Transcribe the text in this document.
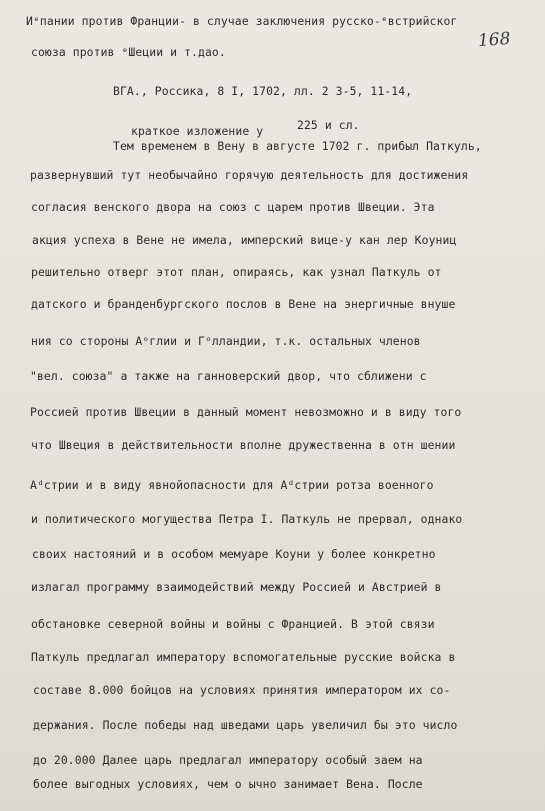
168
Иᵉпании против Франции- в случае заключения русско-ᵉвстрийског
союза против ᵉШеции и т.дао.
ВГА., Россика, 8 I, 1702, лл. 2 3-5, 11-14,
225 и сл.
краткое изложение у
Тем временем в Вену в августе 1702 г. прибыл Паткуль,
развернувший тут необычайно горячую деятельность для достижения
согласия венского двора на союз с царем против Швеции. Эта
акция успеха в Вене не имела, имперский вице-у кан лер Коуниц
решительно отверг этот план, опираясь, как узнал Паткуль от
датского и бранденбургского послов в Вене на энергичные внуше
ния со стороны Аᵒглии и Гᵒлландии, т.к. остальных членов
"вел. союза" а также на ганноверский двор, что сближени с
Россией против Швеции в данный момент невозможно и в виду того
что Швеция в действительности вполне дружественна в отн шении
Аᵈстрии и в виду явнойопасности для Аᵈстрии ротза военного
и политического могущества Петра I. Паткуль не прервал, однако
своих настояний и в особом мемуаре Коуни у более конкретно
излагал программу взаимодействий между Россией и Австрией в
обстановке северной войны и войны с Францией. В этой связи
Паткуль предлагал императору вспомогательные русские войска в
составе 8.000 бойцов на условиях принятия императором их со-
держания. После победы над шведами царь увеличил бы это число
до 20.000 Далее царь предлагал императору особый заем на
более выгодных условиях, чем о ычно занимает Вена. После
